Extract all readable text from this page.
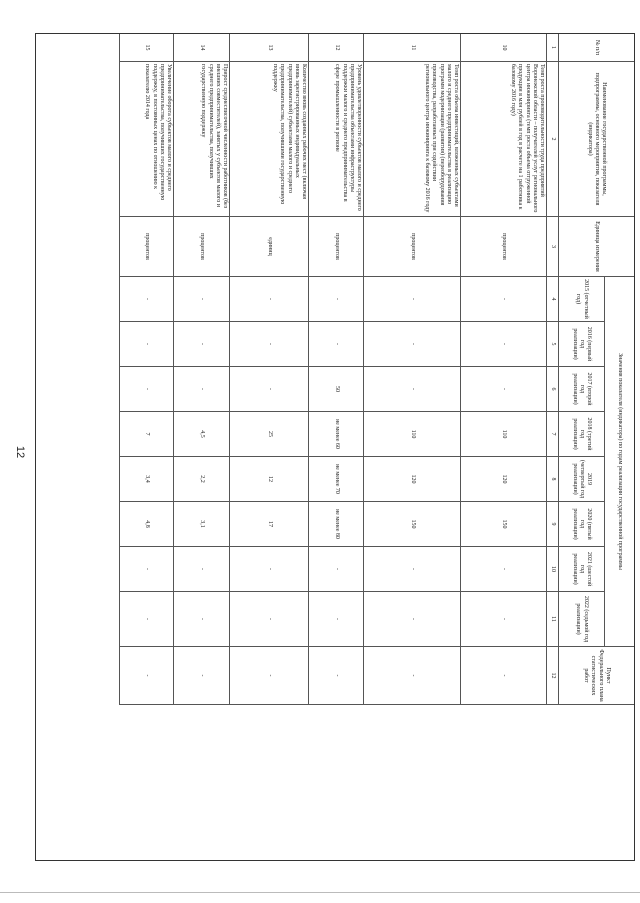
12
№ п/п
Наименование государственной программы, подпрограммы, основного мероприятия, показателя (индикатора)
Единица измерения
Значения показателя (индикатора) по годам реализации государственной программы
Пункт Федерального плана статистических работ
2015 (отчетный год)
2016 (первый год реализации)
2017 (второй год реализации)
2018 (третий год реализации)
2019 (четвертый год реализации)
2020 (пятый год реализации)
2021 (шестой год реализации)
2022 (седьмой год реализации)
1
2
3
4
5
6
7
8
9
10
11
12
10
Темп роста производительности труда предприятий Воронежской области – получателей услуг регионального центра инжиниринга (темп роста объема отгруженной продукции в млн рублей в год в расчете на 1 работника к базовому 2016 году)
процентов
-
-
-
110
120
150
-
-
-
11
Темп роста объема инвестиций, вложенных субъектами малого и среднего предпринимательства в реализацию программ модернизации (развития) (переоборудования производства, разработанных при содействии регионального центра инжиниринга к базовому 2016 году
процентов
-
-
-
110
120
150
-
-
-
12
Уровень удовлетворенности субъектов малого и среднего предпринимательства объектами инфраструктуры поддержки малого и среднего предпринимательства в сфере промышленности в регионе
процентов
-
-
50
не менее 60
не менее 70
не менее 80
-
-
-
13
Количество вновь созданных рабочих мест (включая вновь зарегистрированных индивидуальных предпринимателей) субъектами малого и среднего предпринимательства, получившими государственную поддержку
единиц
-
-
-
25
12
17
-
-
-
14
Прирост среднесписочной численности работников (без внешних совместителей), занятых у субъектов малого и среднего предпринимательства, получивших государственную поддержку
процентов
-
-
-
4,5
2,2
3,1
-
-
-
15
Увеличение оборота субъектов малого и среднего предпринимательства, получивших государственную поддержку, в постоянных ценах по отношению к показателю 2014 года
процентов
-
-
-
7
3,4
4,8
-
-
-
